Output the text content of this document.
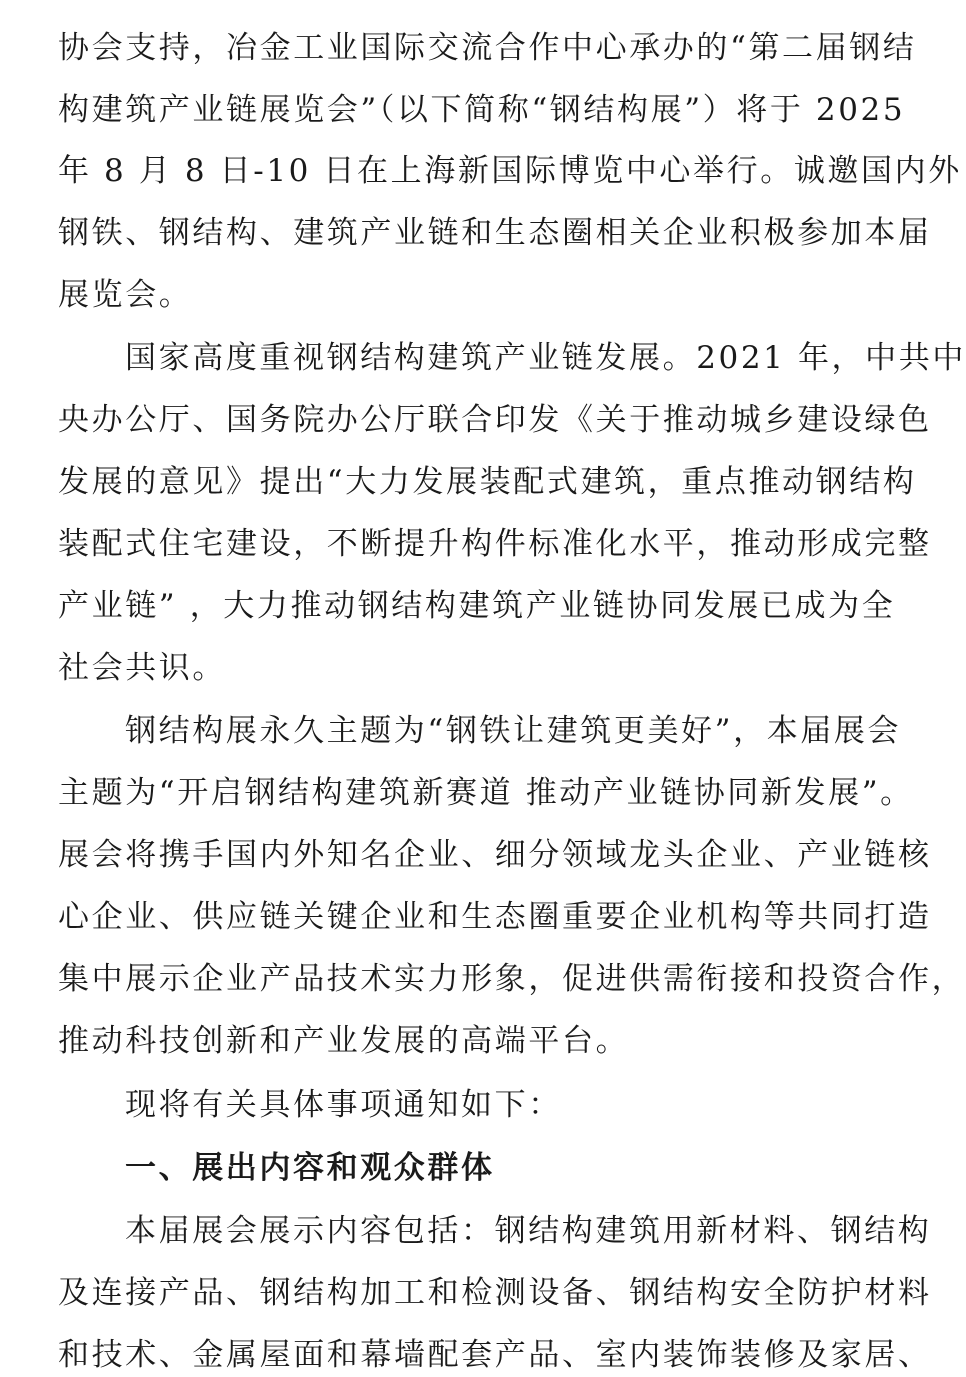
协会支持，冶金工业国际交流合作中心承办的“第二届钢结
构建筑产业链展览会”（以下简称“钢结构展”）将于 2025
年 8 月 8 日-10 日在上海新国际博览中心举行。诚邀国内外
钢铁、钢结构、建筑产业链和生态圈相关企业积极参加本届
展览会。
国家高度重视钢结构建筑产业链发展。2021 年，中共中
央办公厅、国务院办公厅联合印发《关于推动城乡建设绿色
发展的意见》提出“大力发展装配式建筑，重点推动钢结构
装配式住宅建设，不断提升构件标准化水平，推动形成完整
产业链” ，大力推动钢结构建筑产业链协同发展已成为全
社会共识。
钢结构展永久主题为“钢铁让建筑更美好”，本届展会
主题为“开启钢结构建筑新赛道 推动产业链协同新发展”。
展会将携手国内外知名企业、细分领域龙头企业、产业链核
心企业、供应链关键企业和生态圈重要企业机构等共同打造
集中展示企业产品技术实力形象，促进供需衔接和投资合作，
推动科技创新和产业发展的高端平台。
现将有关具体事项通知如下：
一、展出内容和观众群体
本届展会展示内容包括：钢结构建筑用新材料、钢结构
及连接产品、钢结构加工和检测设备、钢结构安全防护材料
和技术、金属屋面和幕墙配套产品、室内装饰装修及家居、
